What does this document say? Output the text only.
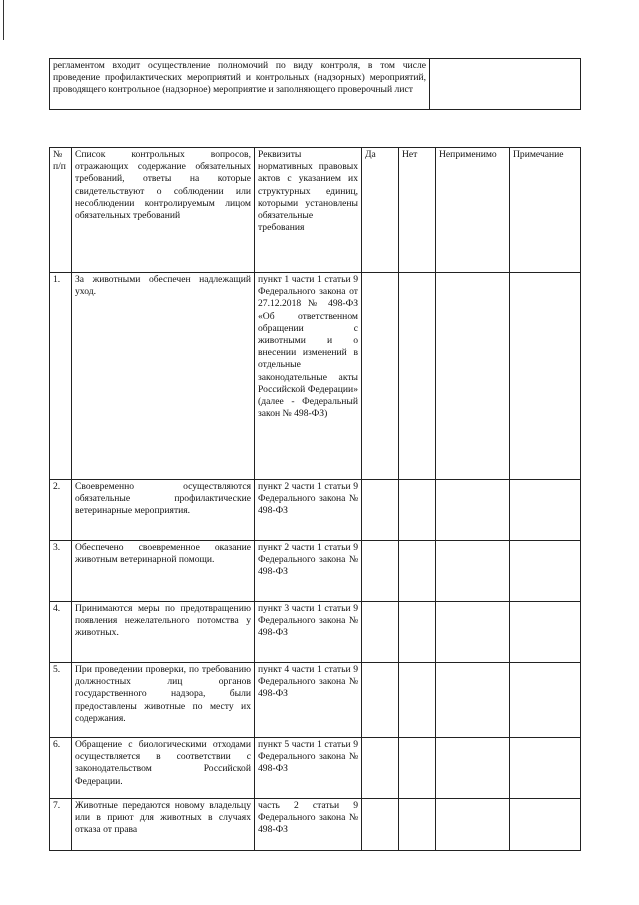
регламентом входит осуществление полномочий по виду контроля, в том числе проведение профилактических мероприятий и контрольных (надзорных) мероприятий, проводящего контрольное (надзорное) мероприятие и заполняющего проверочный лист	
№ п/п	Список контрольных вопросов, отражающих содержание обязательных требований, ответы на которые свидетельствуют о соблюдении или несоблюдении контролируемым лицом обязательных требований	Реквизиты нормативных правовых актов с указанием их структурных единиц, которыми установлены обязательные требования	Да	Нет	Неприменимо	Примечание
1.	За животными обеспечен надлежащий уход.	пункт 1 части 1 статьи 9 Федерального закона от 27.12.2018 № 498-ФЗ «Об ответственном обращении с животными и о внесении изменений в отдельные законодательные акты Российской Федерации» (далее - Федеральный закон № 498-ФЗ)				
2.	Своевременно осуществляются обязательные профилактические ветеринарные мероприятия.	пункт 2 части 1 статьи 9 Федерального закона № 498-ФЗ				
3.	Обеспечено своевременное оказание животным ветеринарной помощи.	пункт 2 части 1 статьи 9 Федерального закона № 498-ФЗ				
4.	Принимаются меры по предотвращению появления нежелательного потомства у животных.	пункт 3 части 1 статьи 9 Федерального закона № 498-ФЗ				
5.	При проведении проверки, по требованию должностных лиц органов государственного надзора, были предоставлены животные по месту их содержания.	пункт 4 части 1 статьи 9 Федерального закона № 498-ФЗ				
6.	Обращение с биологическими отходами осуществляется в соответствии с законодательством Российской Федерации.	пункт 5 части 1 статьи 9 Федерального закона № 498-ФЗ				
7.	Животные передаются новому владельцу или в приют для животных в случаях отказа от права	часть 2 статьи 9 Федерального закона № 498-ФЗ				
